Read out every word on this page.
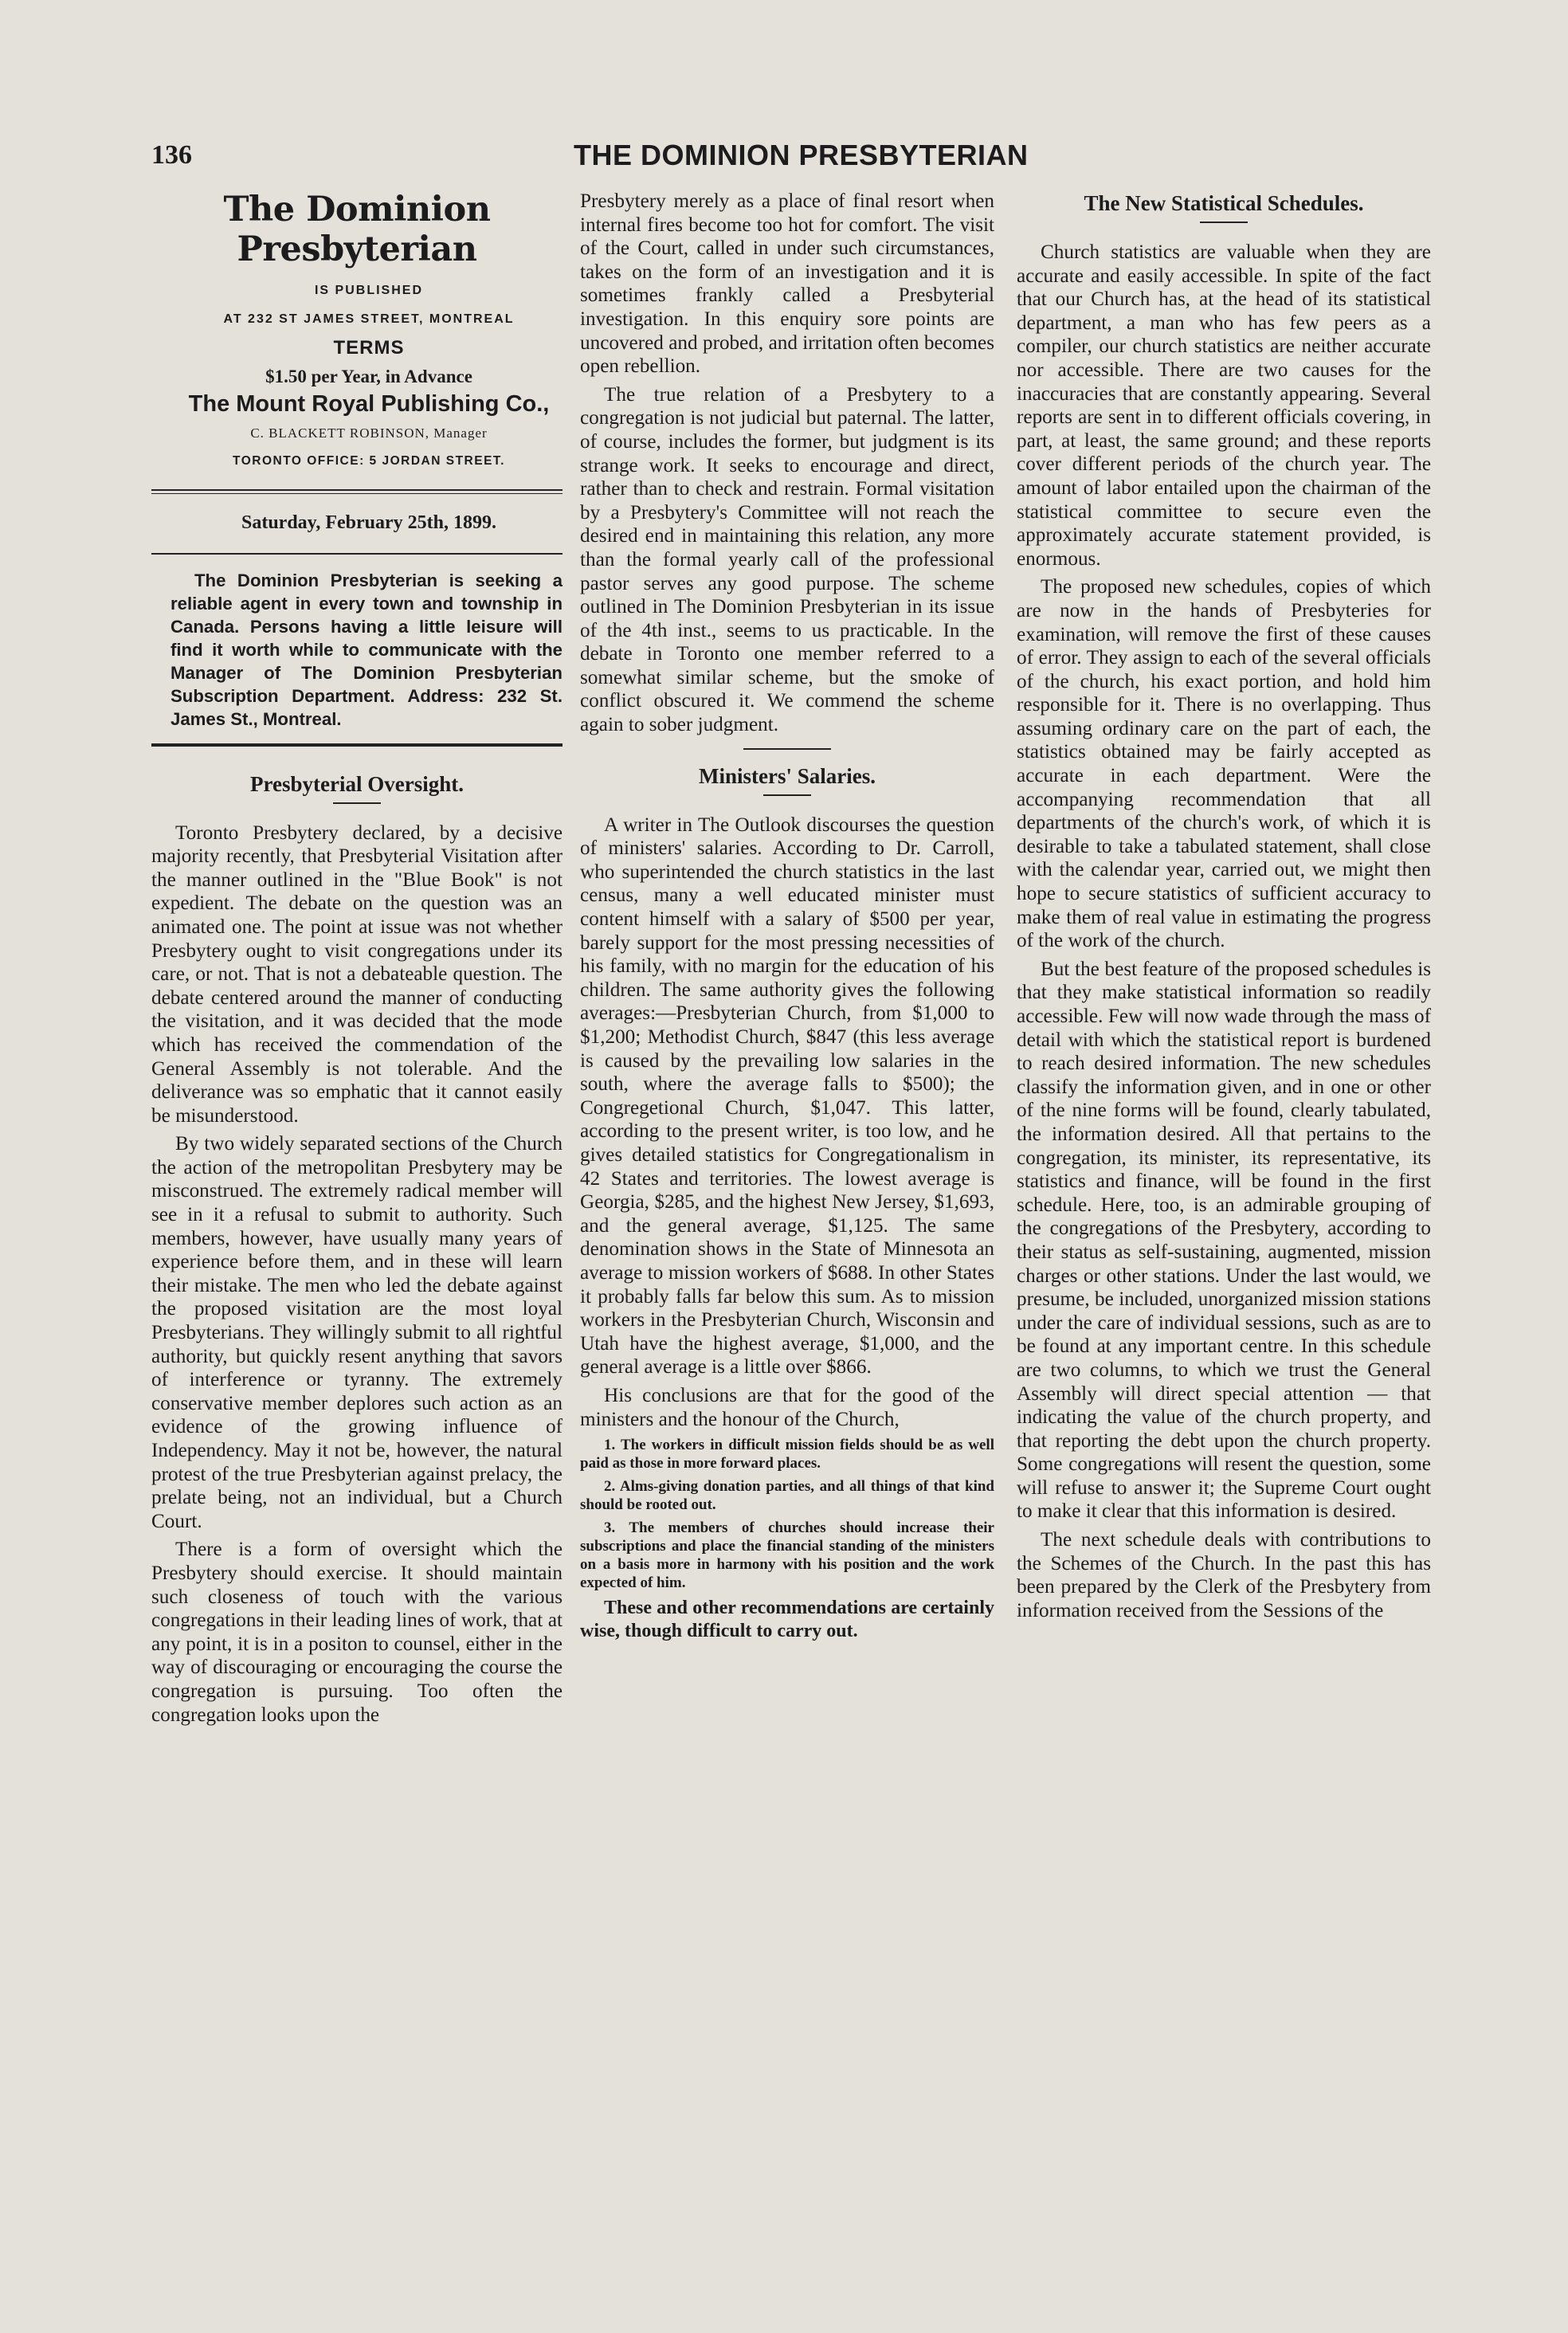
136	THE DOMINION PRESBYTERIAN
The Dominion Presbyterian

IS PUBLISHED

AT 232 ST JAMES STREET, MONTREAL

TERMS

$1.50 per Year, in Advance

The Mount Royal Publishing Co.,

C. BLACKETT ROBINSON, Manager

TORONTO OFFICE: 5 JORDAN STREET.

Saturday, February 25th, 1899.

The Dominion Presbyterian is seeking a reliable agent in every town and township in Canada. Persons having a little leisure will find it worth while to communicate with the Manager of The Dominion Presbyterian Subscription Department. Address: 232 St. James St., Montreal.

Presbyterial Oversight.

Toronto Presbytery declared, by a decisive majority recently, that Presbyterial Visitation after the manner outlined in the "Blue Book" is not expedient. The debate on the question was an animated one. The point at issue was not whether Presbytery ought to visit congregations under its care, or not. That is not a debateable question. The debate centered around the manner of conducting the visitation, and it was decided that the mode which has received the commendation of the General Assembly is not tolerable. And the deliverance was so emphatic that it cannot easily be misunderstood.

By two widely separated sections of the Church the action of the metropolitan Presbytery may be misconstrued. The extremely radical member will see in it a refusal to submit to authority. Such members, however, have usually many years of experience before them, and in these will learn their mistake. The men who led the debate against the proposed visitation are the most loyal Presbyterians. They willingly submit to all rightful authority, but quickly resent anything that savors of interference or tyranny. The extremely conservative member deplores such action as an evidence of the growing influence of Independency. May it not be, however, the natural protest of the true Presbyterian against prelacy, the prelate being, not an individual, but a Church Court.

There is a form of oversight which the Presbytery should exercise. It should maintain such closeness of touch with the various congregations in their leading lines of work, that at any point, it is in a positon to counsel, either in the way of discouraging or encouraging the course the congregation is pursuing. Too often the congregation looks upon the

Presbytery merely as a place of final resort when internal fires become too hot for comfort. The visit of the Court, called in under such circumstances, takes on the form of an investigation and it is sometimes frankly called a Presbyterial investigation. In this enquiry sore points are uncovered and probed, and irritation often becomes open rebellion.

The true relation of a Presbytery to a congregation is not judicial but paternal. The latter, of course, includes the former, but judgment is its strange work. It seeks to encourage and direct, rather than to check and restrain. Formal visitation by a Presbytery's Committee will not reach the desired end in maintaining this relation, any more than the formal yearly call of the professional pastor serves any good purpose. The scheme outlined in The Dominion Presbyterian in its issue of the 4th inst., seems to us practicable. In the debate in Toronto one member referred to a somewhat similar scheme, but the smoke of conflict obscured it. We commend the scheme again to sober judgment.

Ministers' Salaries.

A writer in The Outlook discourses the question of ministers' salaries. According to Dr. Carroll, who superintended the church statistics in the last census, many a well educated minister must content himself with a salary of $500 per year, barely support for the most pressing necessities of his family, with no margin for the education of his children. The same authority gives the following averages:—Presbyterian Church, from $1,000 to $1,200; Methodist Church, $847 (this less average is caused by the prevailing low salaries in the south, where the average falls to $500); the Congregetional Church, $1,047. This latter, according to the present writer, is too low, and he gives detailed statistics for Congregationalism in 42 States and territories. The lowest average is Georgia, $285, and the highest New Jersey, $1,693, and the general average, $1,125. The same denomination shows in the State of Minnesota an average to mission workers of $688. In other States it probably falls far below this sum. As to mission workers in the Presbyterian Church, Wisconsin and Utah have the highest average, $1,000, and the general average is a little over $866.

His conclusions are that for the good of the ministers and the honour of the Church,

1. The workers in difficult mission fields should be as well paid as those in more forward places.

2. Alms-giving donation parties, and all things of that kind should be rooted out.

3. The members of churches should increase their subscriptions and place the financial standing of the ministers on a basis more in harmony with his position and the work expected of him.

These and other recommendations are certainly wise, though difficult to carry out.

The New Statistical Schedules.

Church statistics are valuable when they are accurate and easily accessible. In spite of the fact that our Church has, at the head of its statistical department, a man who has few peers as a compiler, our church statistics are neither accurate nor accessible. There are two causes for the inaccuracies that are constantly appearing. Several reports are sent in to different officials covering, in part, at least, the same ground; and these reports cover different periods of the church year. The amount of labor entailed upon the chairman of the statistical committee to secure even the approximately accurate statement provided, is enormous.

The proposed new schedules, copies of which are now in the hands of Presbyteries for examination, will remove the first of these causes of error. They assign to each of the several officials of the church, his exact portion, and hold him responsible for it. There is no overlapping. Thus assuming ordinary care on the part of each, the statistics obtained may be fairly accepted as accurate in each department. Were the accompanying recommendation that all departments of the church's work, of which it is desirable to take a tabulated statement, shall close with the calendar year, carried out, we might then hope to secure statistics of sufficient accuracy to make them of real value in estimating the progress of the work of the church.

But the best feature of the proposed schedules is that they make statistical information so readily accessible. Few will now wade through the mass of detail with which the statistical report is burdened to reach desired information. The new schedules classify the information given, and in one or other of the nine forms will be found, clearly tabulated, the information desired. All that pertains to the congregation, its minister, its representative, its statistics and finance, will be found in the first schedule. Here, too, is an admirable grouping of the congregations of the Presbytery, according to their status as self-sustaining, augmented, mission charges or other stations. Under the last would, we presume, be included, unorganized mission stations under the care of individual sessions, such as are to be found at any important centre. In this schedule are two columns, to which we trust the General Assembly will direct special attention — that indicating the value of the church property, and that reporting the debt upon the church property. Some congregations will resent the question, some will refuse to answer it; the Supreme Court ought to make it clear that this information is desired.

The next schedule deals with contributions to the Schemes of the Church. In the past this has been prepared by the Clerk of the Presbytery from information received from the Sessions of the
